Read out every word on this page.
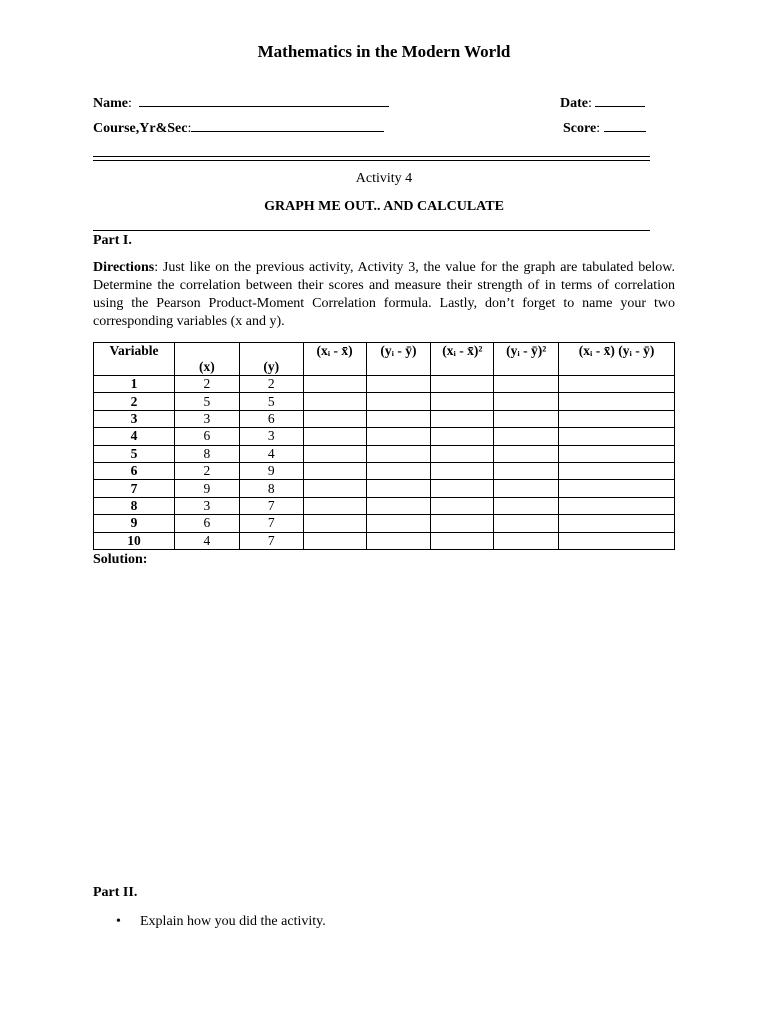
Mathematics in the Modern World
Name:	Date:
Course,Yr&Sec:	Score:
Activity 4
GRAPH ME OUT.. AND CALCULATE
Part I.
Directions: Just like on the previous activity, Activity 3, the value for the graph are tabulated below. Determine the correlation between their scores and measure their strength of in terms of correlation using the Pearson Product-Moment Correlation formula. Lastly, don’t forget to name your two corresponding variables (x and y).
Variable	(x)	(y)	(xᵢ - x̄)	(yᵢ - ȳ)	(xᵢ - x̄)²	(yᵢ - ȳ)²	(xᵢ - x̄) (yᵢ - ȳ)
1	2	2					
2	5	5					
3	3	6					
4	6	3					
5	8	4					
6	2	9					
7	9	8					
8	3	7					
9	6	7					
10	4	7					
Solution:
Part II.
• Explain how you did the activity.
